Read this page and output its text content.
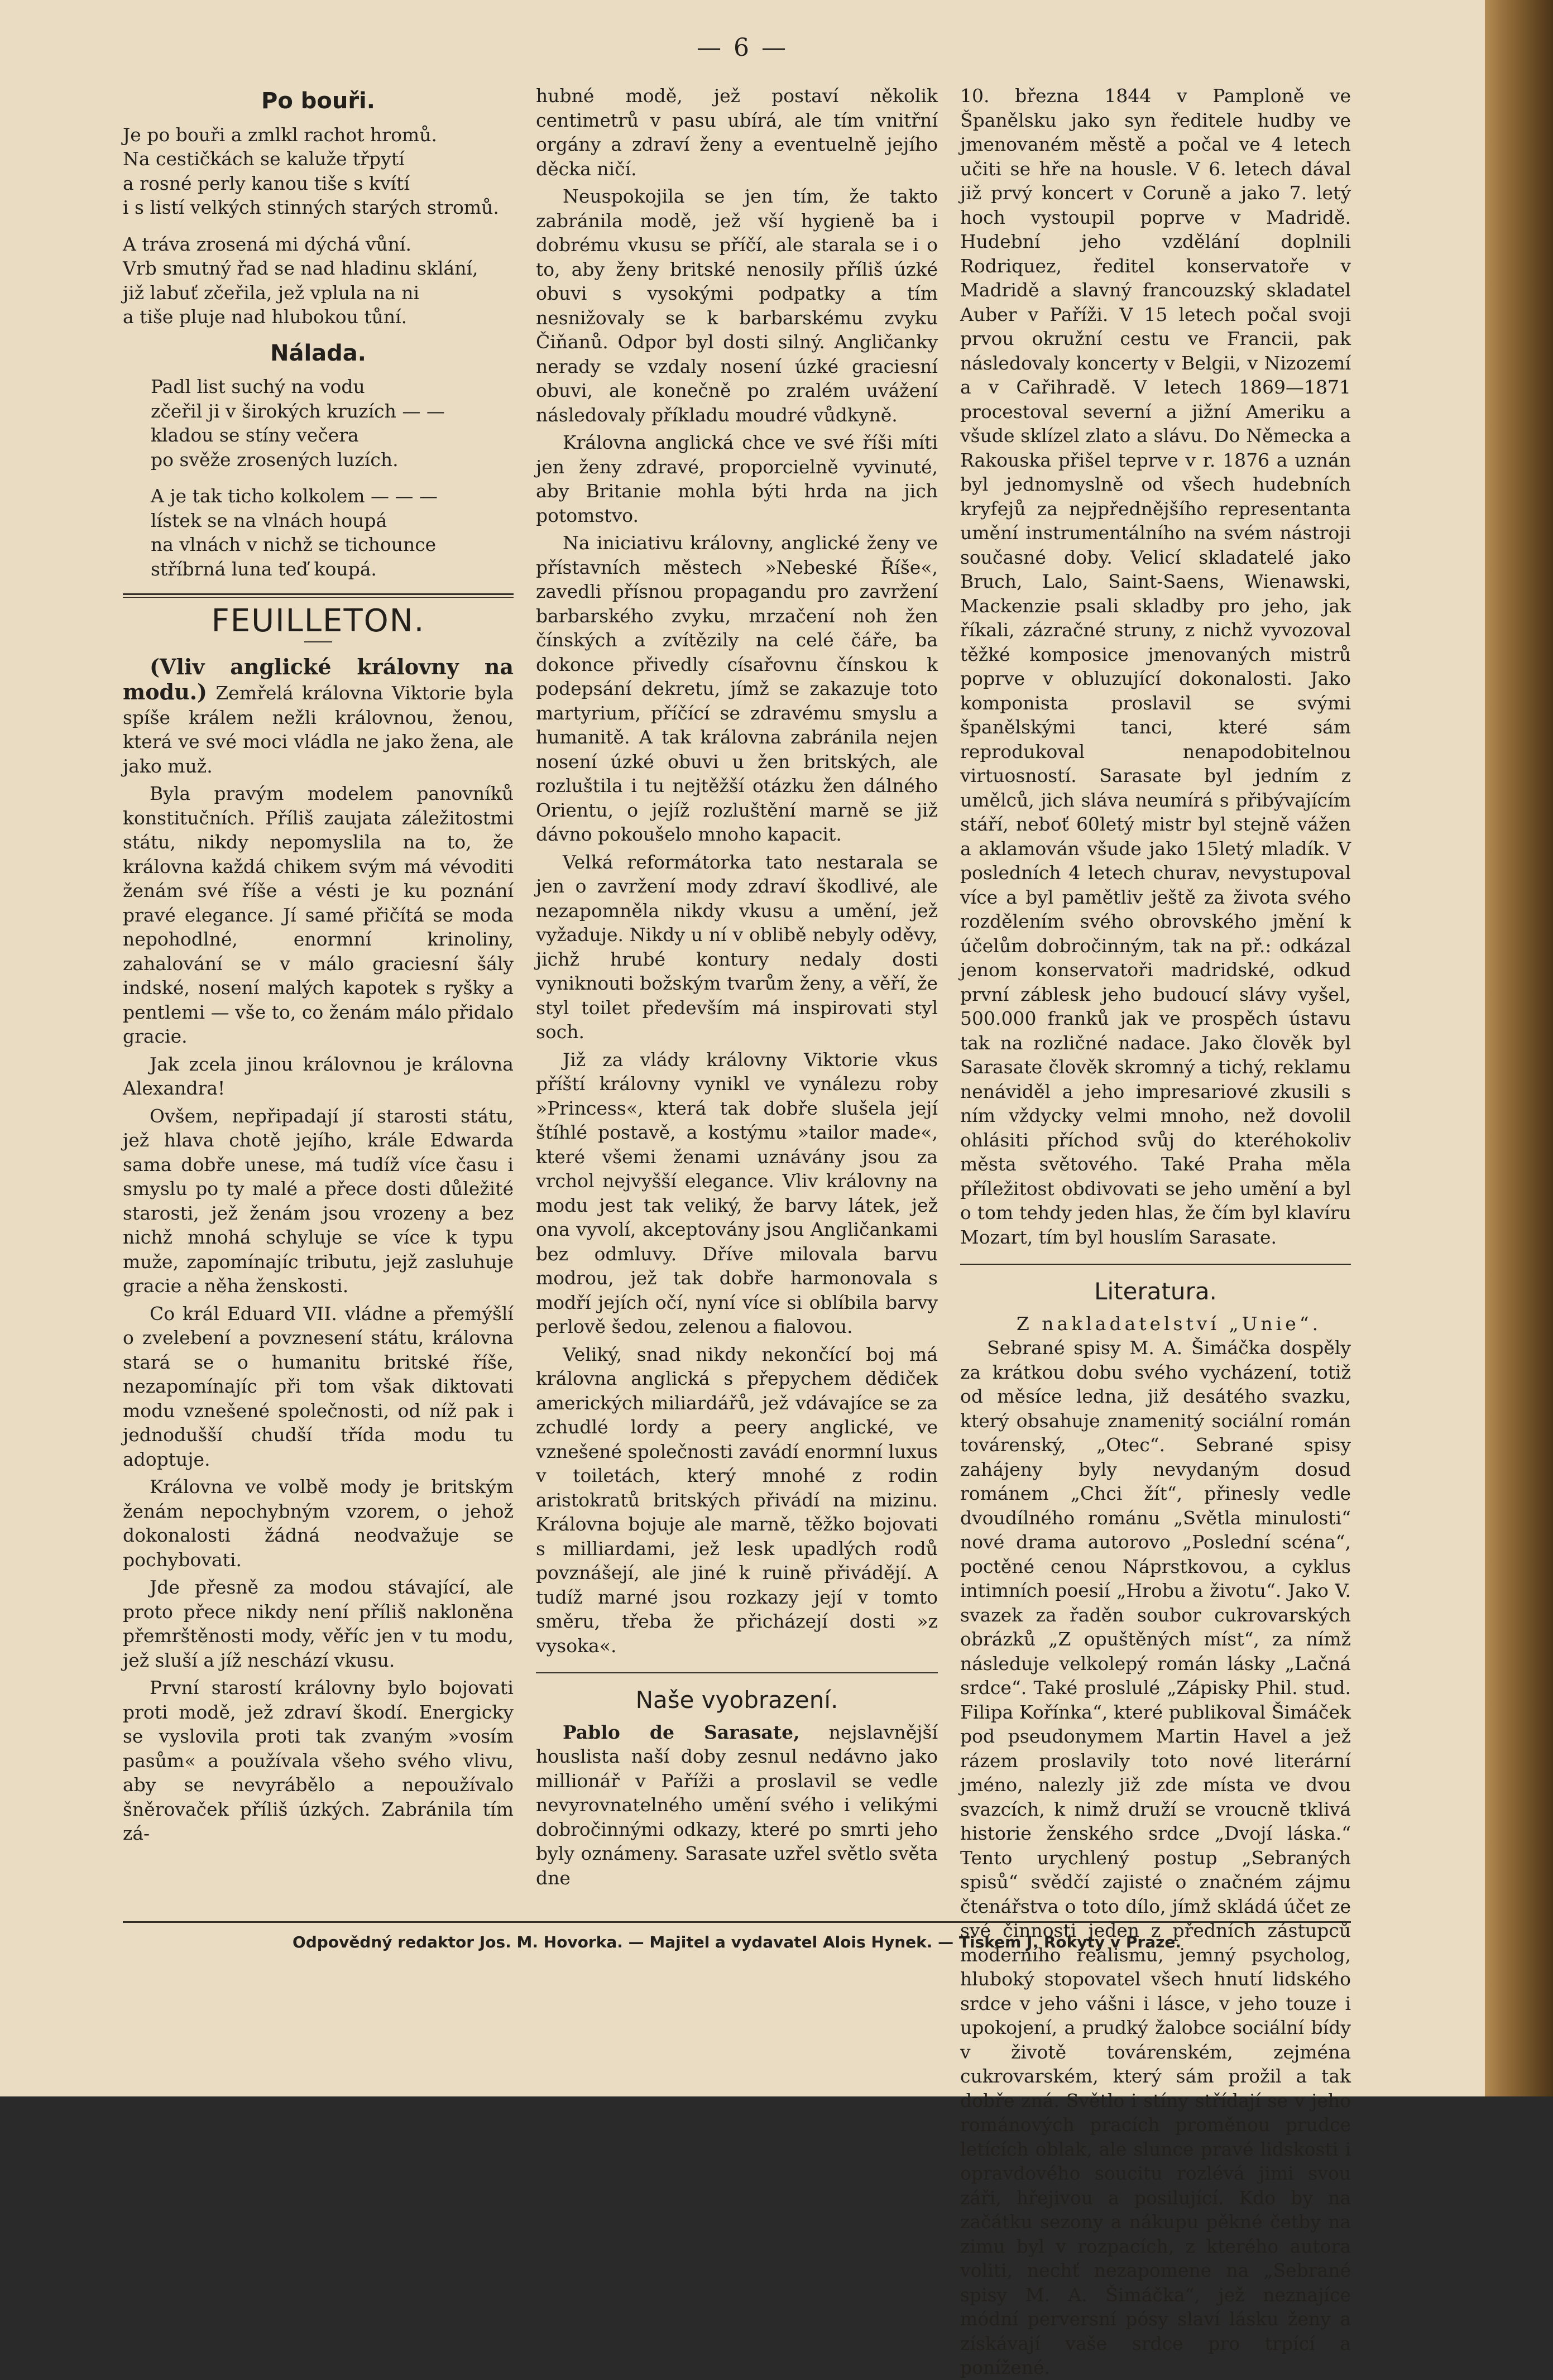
— 6 —
Po bouři.
Je po bouři a zmlkl rachot hromů.
Na cestičkách se kaluže třpytí
a rosné perly kanou tiše s kvítí
i s listí velkých stinných starých stromů.
A tráva zrosená mi dýchá vůní.
Vrb smutný řad se nad hladinu sklání,
již labuť zčeřila, jež vplula na ni
a tiše pluje nad hlubokou tůní.
Nálada.
Padl list suchý na vodu
zčeřil ji v širokých kruzích — —
kladou se stíny večera
po svěže zrosených luzích.
A je tak ticho kolkolem — — —
lístek se na vlnách houpá
na vlnách v nichž se tichounce
stříbrná luna teď koupá.
FEUILLETON.

(Vliv anglické královny na modu.) Zemřelá královna Viktorie byla spíše králem nežli královnou, ženou, která ve své moci vládla ne jako žena, ale jako muž.

Byla pravým modelem panovníků konstitučních. Příliš zaujata záležitostmi státu, nikdy nepomyslila na to, že královna každá chikem svým má vévoditi ženám své říše a vésti je ku poznání pravé elegance. Jí samé přičítá se moda nepohodlné, enormní krinoliny, zahalování se v málo graciesní šály indské, nosení malých kapotek s ryšky a pentlemi — vše to, co ženám málo přidalo gracie.

Jak zcela jinou královnou je královna Alexandra!

Ovšem, nepřipadají jí starosti státu, jež hlava chotě jejího, krále Edwarda sama dobře unese, má tudíž více času i smyslu po ty malé a přece dosti důležité starosti, jež ženám jsou vrozeny a bez nichž mnohá schyluje se více k typu muže, zapomínajíc tributu, jejž zasluhuje gracie a něha ženskosti.

Co král Eduard VII. vládne a přemýšlí o zvelebení a povznesení státu, královna stará se o humanitu britské říše, nezapomínajíc při tom však diktovati modu vznešené společnosti, od níž pak i jednodušší chudší třída modu tu adoptuje.

Královna ve volbě mody je britským ženám nepochybným vzorem, o jehož dokonalosti žádná neodvažuje se pochybovati.

Jde přesně za modou stávající, ale proto přece nikdy není příliš nakloněna přemrštěnosti mody, věříc jen v tu modu, jež sluší a jíž neschází vkusu.

První starostí královny bylo bojovati proti modě, jež zdraví škodí. Energicky se vyslovila proti tak zvaným »vosím pasům« a používala všeho svého vlivu, aby se nevyrábělo a nepoužívalo šněrovaček příliš úzkých. Zabránila tím zá-

hubné modě, jež postaví několik centimetrů v pasu ubírá, ale tím vnitřní orgány a zdraví ženy a eventuelně jejího děcka ničí.

Neuspokojila se jen tím, že takto zabránila modě, jež vší hygieně ba i dobrému vkusu se příčí, ale starala se i o to, aby ženy britské nenosily příliš úzké obuvi s vysokými podpatky a tím nesnižovaly se k barbarskému zvyku Čiňanů. Odpor byl dosti silný. Angličanky nerady se vzdaly nosení úzké graciesní obuvi, ale konečně po zralém uvážení následovaly příkladu moudré vůdkyně.

Královna anglická chce ve své říši míti jen ženy zdravé, proporcielně vyvinuté, aby Britanie mohla býti hrda na jich potomstvo.

Na iniciativu královny, anglické ženy ve přístavních městech »Nebeské Říše«, zavedli přísnou propagandu pro zavržení barbarského zvyku, mrzačení noh žen čínských a zvítězily na celé čáře, ba dokonce přivedly císařovnu čínskou k podepsání dekretu, jímž se zakazuje toto martyrium, příčící se zdravému smyslu a humanitě. A tak královna zabránila nejen nosení úzké obuvi u žen britských, ale rozluštila i tu nejtěžší otázku žen dálného Orientu, o jejíž rozluštění marně se již dávno pokoušelo mnoho kapacit.

Velká reformátorka tato nestarala se jen o zavržení mody zdraví škodlivé, ale nezapomněla nikdy vkusu a umění, jež vyžaduje. Nikdy u ní v oblibě nebyly oděvy, jichž hrubé kontury nedaly dosti vyniknouti božským tvarům ženy, a věří, že styl toilet především má inspirovati styl soch.

Již za vlády královny Viktorie vkus příští královny vynikl ve vynálezu roby »Princess«, která tak dobře slušela její štíhlé postavě, a kostýmu »tailor made«, které všemi ženami uznávány jsou za vrchol nejvyšší elegance. Vliv královny na modu jest tak veliký, že barvy látek, jež ona vyvolí, akceptovány jsou Angličankami bez odmluvy. Dříve milovala barvu modrou, jež tak dobře harmonovala s modří jejích očí, nyní více si oblíbila barvy perlově šedou, zelenou a fialovou.

Veliký, snad nikdy nekončící boj má královna anglická s přepychem dědiček amerických miliardářů, jež vdávajíce se za zchudlé lordy a peery anglické, ve vznešené společnosti zavádí enormní luxus v toiletách, který mnohé z rodin aristokratů britských přivádí na mizinu. Královna bojuje ale marně, těžko bojovati s milliardami, jež lesk upadlých rodů povznášejí, ale jiné k ruině přivádějí. A tudíž marné jsou rozkazy její v tomto směru, třeba že přicházejí dosti »z vysoka«.

Naše vyobrazení.

Pablo de Sarasate, nejslavnější houslista naší doby zesnul nedávno jako millionář v Paříži a proslavil se vedle nevyrovnatelného umění svého i velikými dobročinnými odkazy, které po smrti jeho byly oznámeny. Sarasate uzřel světlo světa dne

10. března 1844 v Pamploně ve Španělsku jako syn ředitele hudby ve jmenovaném městě a počal ve 4 letech učiti se hře na housle. V 6. letech dával již prvý koncert v Coruně a jako 7. letý hoch vystoupil poprve v Madridě. Hudební jeho vzdělání doplnili Rodriquez, ředitel konservatoře v Madridě a slavný francouzský skladatel Auber v Paříži. V 15 letech počal svoji prvou okružní cestu ve Francii, pak následovaly koncerty v Belgii, v Nizozemí a v Cařihradě. V letech 1869—1871 procestoval severní a jižní Ameriku a všude sklízel zlato a slávu. Do Německa a Rakouska přišel teprve v r. 1876 a uznán byl jednomyslně od všech hudebních kryfejů za nejpřednějšího representanta umění instrumentálního na svém nástroji současné doby. Velicí skladatelé jako Bruch, Lalo, Saint-Saens, Wienawski, Mackenzie psali skladby pro jeho, jak říkali, zázračné struny, z nichž vyvozoval těžké komposice jmenovaných mistrů poprve v obluzující dokonalosti. Jako komponista proslavil se svými španělskými tanci, které sám reprodukoval nenapodobitelnou virtuosností. Sarasate byl jedním z umělců, jich sláva neumírá s přibývajícím stáří, neboť 60letý mistr byl stejně vážen a aklamován všude jako 15letý mladík. V posledních 4 letech churav, nevystupoval více a byl pamětliv ještě za života svého rozdělením svého obrovského jmění k účelům dobročinným, tak na př.: odkázal jenom konservatoři madridské, odkud první záblesk jeho budoucí slávy vyšel, 500.000 franků jak ve prospěch ústavu tak na rozličné nadace. Jako člověk byl Sarasate člověk skromný a tichý, reklamu nenáviděl a jeho impresariové zkusili s ním vždycky velmi mnoho, než dovolil ohlásiti příchod svůj do kteréhokoliv města světového. Také Praha měla příležitost obdivovati se jeho umění a byl o tom tehdy jeden hlas, že čím byl klavíru Mozart, tím byl houslím Sarasate.

Literatura.

Z nakladatelství „Unie“.

Sebrané spisy M. A. Šimáčka dospěly za krátkou dobu svého vycházení, totiž od měsíce ledna, již desátého svazku, který obsahuje znamenitý sociální román továrenský, „Otec“. Sebrané spisy zahájeny byly nevydaným dosud románem „Chci žít“, přinesly vedle dvoudílného románu „Světla minulosti“ nové drama autorovo „Poslední scéna“, poctěné cenou Náprstkovou, a cyklus intimních poesií „Hrobu a životu“. Jako V. svazek za řaděn soubor cukrovarských obrázků „Z opuštěných míst“, za nímž následuje velkolepý román lásky „Lačná srdce“. Také proslulé „Zápisky Phil. stud. Filipa Kořínka“, které publikoval Šimáček pod pseudonymem Martin Havel a jež rázem proslavily toto nové literární jméno, nalezly již zde místa ve dvou svazcích, k nimž druží se vroucně tklivá historie ženského srdce „Dvojí láska.“ Tento urychlený postup „Sebraných spisů“ svědčí zajisté o značném zájmu čtenářstva o toto dílo, jímž skládá účet ze své činnosti jeden z předních zástupců moderního realismu, jemný psycholog, hluboký stopovatel všech hnutí lidského srdce v jeho vášni i lásce, v jeho touze i upokojení, a prudký žalobce sociální bídy v životě továrenském, zejména cukrovarském, který sám prožil a tak dobře zná. Světlo i stíny střídají se v jeho románových pracích proměnou prudce letících oblak, ale slunce pravé lidskosti i opravdového soucitu rozlévá jimi svou záři, hřejivou a posilující. Kdo by na začátku sezony a nákupu pěkné četby na zimu byl v rozpacích, z kterého autora voliti, nechť nezapomene na „Sebrané spisy M. A. Šimáčka“, jež neznajíce módní perversní pósy slaví lásku ženy a získávají vaše srdce pro trpící a ponížené.

Odpovědný redaktor Jos. M. Hovorka. — Majitel a vydavatel Alois Hynek. — Tiskem J. Rokyty v Praze.
